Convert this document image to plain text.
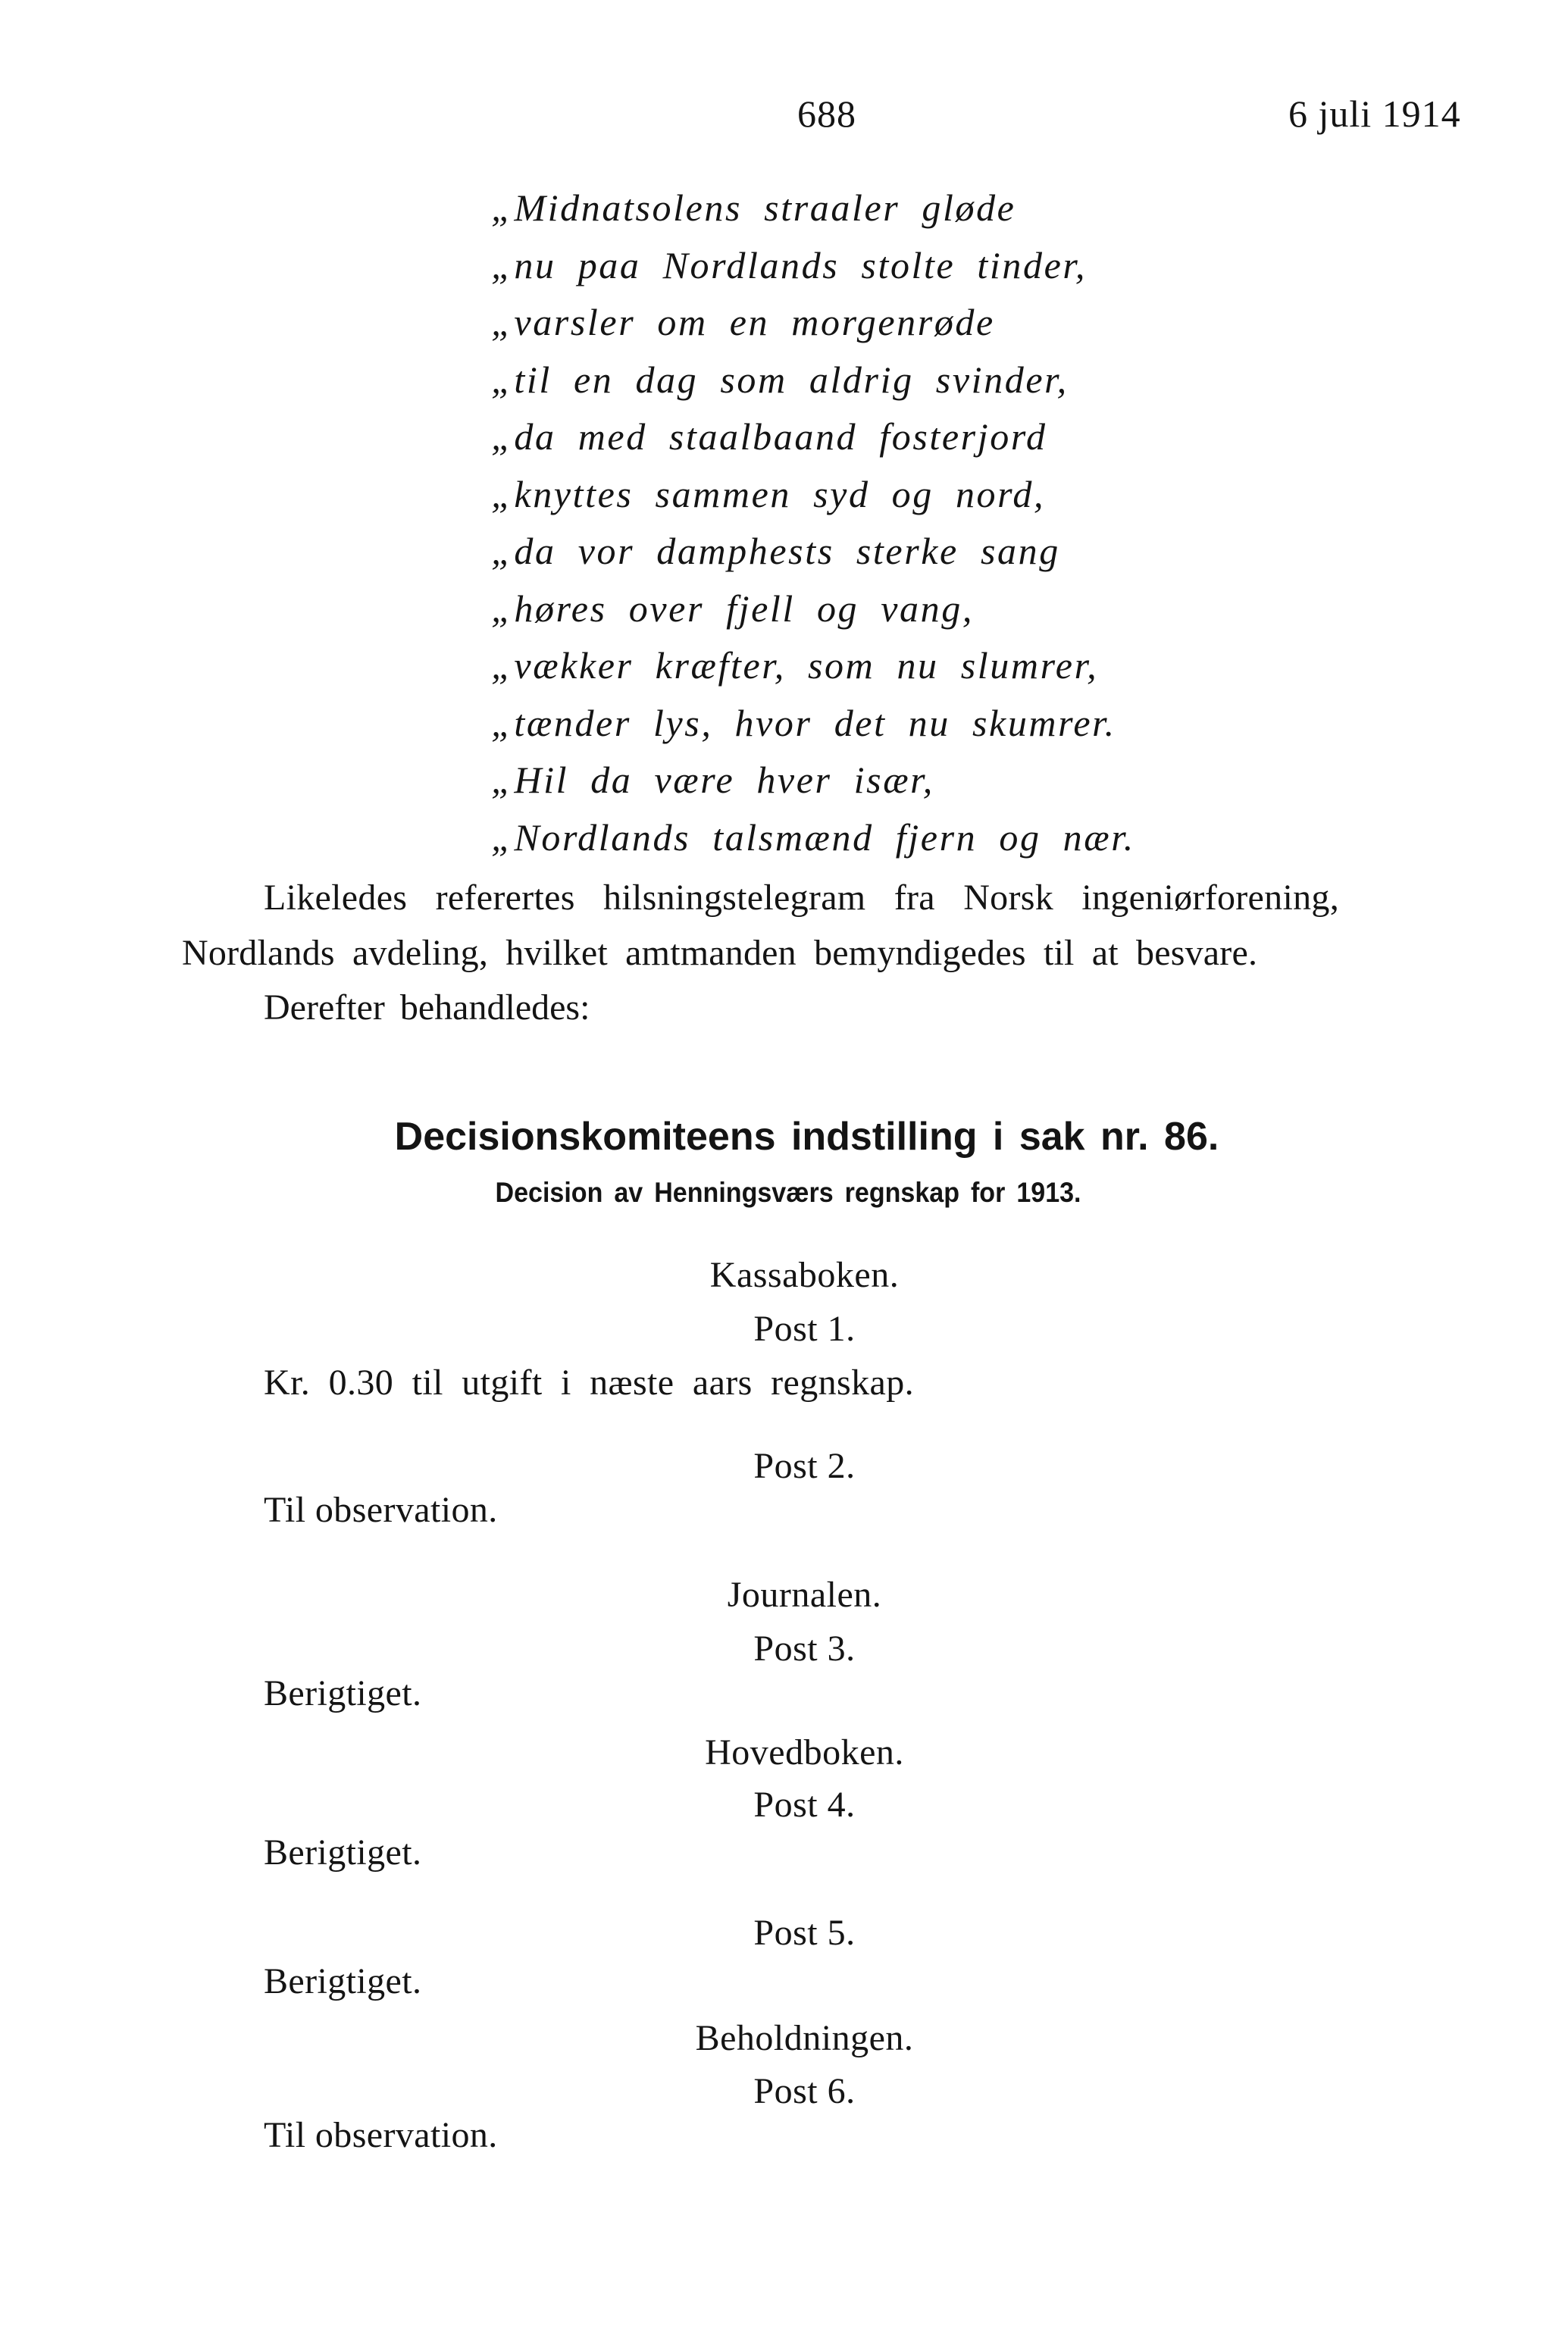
688	6 juli 1914
„Midnatsolens straaler gløde
„nu paa Nordlands stolte tinder,
„varsler om en morgenrøde
„til en dag som aldrig svinder,
„da med staalbaand fosterjord
„knyttes sammen syd og nord,
„da vor damphests sterke sang
„høres over fjell og vang,
„vækker kræfter, som nu slumrer,
„tænder lys, hvor det nu skumrer.
„Hil da være hver især,
„Nordlands talsmænd fjern og nær.
Likeledes referertes hilsningstelegram fra Norsk ingeniørforening,
Nordlands avdeling, hvilket amtmanden bemyndigedes til at besvare.
Derefter behandledes:
Decisionskomiteens indstilling i sak nr. 86.
Decision av Henningsværs regnskap for 1913.
Kassaboken.
Post 1.
Kr. 0.30 til utgift i næste aars regnskap.
Post 2.
Til observation.
Journalen.
Post 3.
Berigtiget.
Hovedboken.
Post 4.
Berigtiget.
Post 5.
Berigtiget.
Beholdningen.
Post 6.
Til observation.
